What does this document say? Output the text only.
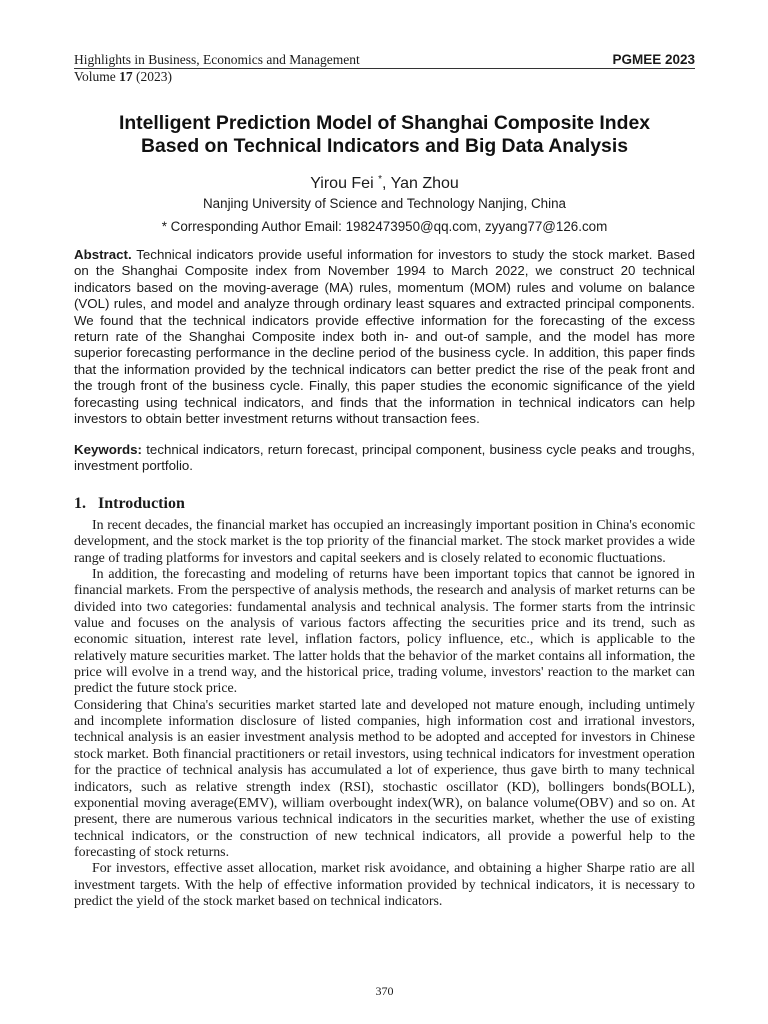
Highlights in Business, Economics and Management	PGMEE 2023
Volume 17 (2023)
Intelligent Prediction Model of Shanghai Composite Index
Based on Technical Indicators and Big Data Analysis
Yirou Fei *, Yan Zhou
Nanjing University of Science and Technology Nanjing, China
* Corresponding Author Email: 1982473950@qq.com, zyyang77@126.com
Abstract. Technical indicators provide useful information for investors to study the stock market. Based on the Shanghai Composite index from November 1994 to March 2022, we construct 20 technical indicators based on the moving-average (MA) rules, momentum (MOM) rules and volume on balance (VOL) rules, and model and analyze through ordinary least squares and extracted principal components. We found that the technical indicators provide effective information for the forecasting of the excess return rate of the Shanghai Composite index both in- and out-of sample, and the model has more superior forecasting performance in the decline period of the business cycle. In addition, this paper finds that the information provided by the technical indicators can better predict the rise of the peak front and the trough front of the business cycle. Finally, this paper studies the economic significance of the yield forecasting using technical indicators, and finds that the information in technical indicators can help investors to obtain better investment returns without transaction fees.
Keywords: technical indicators, return forecast, principal component, business cycle peaks and troughs, investment portfolio.
1. Introduction

In recent decades, the financial market has occupied an increasingly important position in China's economic development, and the stock market is the top priority of the financial market. The stock market provides a wide range of trading platforms for investors and capital seekers and is closely related to economic fluctuations.

In addition, the forecasting and modeling of returns have been important topics that cannot be ignored in financial markets. From the perspective of analysis methods, the research and analysis of market returns can be divided into two categories: fundamental analysis and technical analysis. The former starts from the intrinsic value and focuses on the analysis of various factors affecting the securities price and its trend, such as economic situation, interest rate level, inflation factors, policy influence, etc., which is applicable to the relatively mature securities market. The latter holds that the behavior of the market contains all information, the price will evolve in a trend way, and the historical price, trading volume, investors' reaction to the market can predict the future stock price.

Considering that China's securities market started late and developed not mature enough, including untimely and incomplete information disclosure of listed companies, high information cost and irrational investors, technical analysis is an easier investment analysis method to be adopted and accepted for investors in Chinese stock market. Both financial practitioners or retail investors, using technical indicators for investment operation for the practice of technical analysis has accumulated a lot of experience, thus gave birth to many technical indicators, such as relative strength index (RSI), stochastic oscillator (KD), bollingers bonds(BOLL), exponential moving average(EMV), william overbought index(WR), on balance volume(OBV) and so on. At present, there are numerous various technical indicators in the securities market, whether the use of existing technical indicators, or the construction of new technical indicators, all provide a powerful help to the forecasting of stock returns.

For investors, effective asset allocation, market risk avoidance, and obtaining a higher Sharpe ratio are all investment targets. With the help of effective information provided by technical indicators, it is necessary to predict the yield of the stock market based on technical indicators.

370
